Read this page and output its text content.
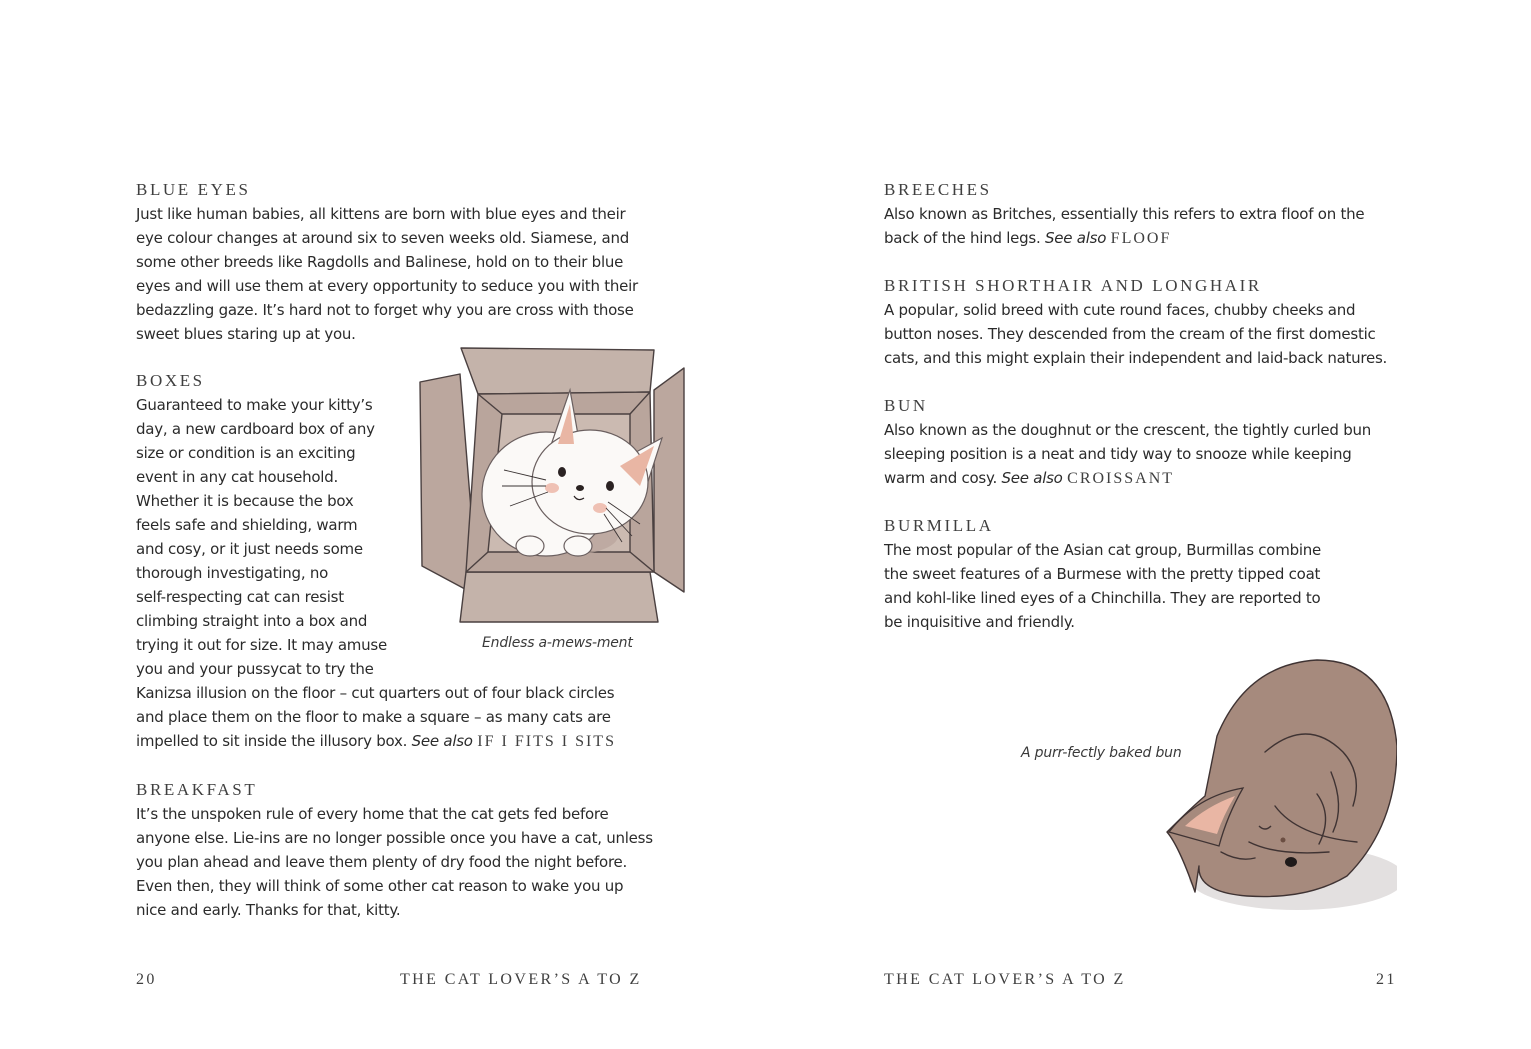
BLUE EYES

Just like human babies, all kittens are born with blue eyes and their
eye colour changes at around six to seven weeks old. Siamese, and
some other breeds like Ragdolls and Balinese, hold on to their blue
eyes and will use them at every opportunity to seduce you with their
bedazzling gaze. It’s hard not to forget why you are cross with those
sweet blues staring up at you.

BOXES

Guaranteed to make your kitty’s
day, a new cardboard box of any
size or condition is an exciting
event in any cat household.
Whether it is because the box
feels safe and shielding, warm
and cosy, or it just needs some
thorough investigating, no
self-respecting cat can resist
climbing straight into a box and
trying it out for size. It may amuse
you and your pussycat to try the
Kanizsa illusion on the floor – cut quarters out of four black circles
and place them on the floor to make a square – as many cats are
impelled to sit inside the illusory box. See also IF I FITS I SITS

Endless a-mews-ment
BREAKFAST

It’s the unspoken rule of every home that the cat gets fed before
anyone else. Lie-ins are no longer possible once you have a cat, unless
you plan ahead and leave them plenty of dry food the night before.
Even then, they will think of some other cat reason to wake you up
nice and early. Thanks for that, kitty.

20	THE CAT LOVER’S A TO Z
BREECHES

Also known as Britches, essentially this refers to extra floof on the
back of the hind legs. See also FLOOF

BRITISH SHORTHAIR AND LONGHAIR

A popular, solid breed with cute round faces, chubby cheeks and
button noses. They descended from the cream of the first domestic
cats, and this might explain their independent and laid-back natures.

BUN

Also known as the doughnut or the crescent, the tightly curled bun
sleeping position is a neat and tidy way to snooze while keeping
warm and cosy. See also CROISSANT

BURMILLA

The most popular of the Asian cat group, Burmillas combine
the sweet features of a Burmese with the pretty tipped coat
and kohl-like lined eyes of a Chinchilla. They are reported to
be inquisitive and friendly.

A purr-fectly baked bun
THE CAT LOVER’S A TO Z	21
